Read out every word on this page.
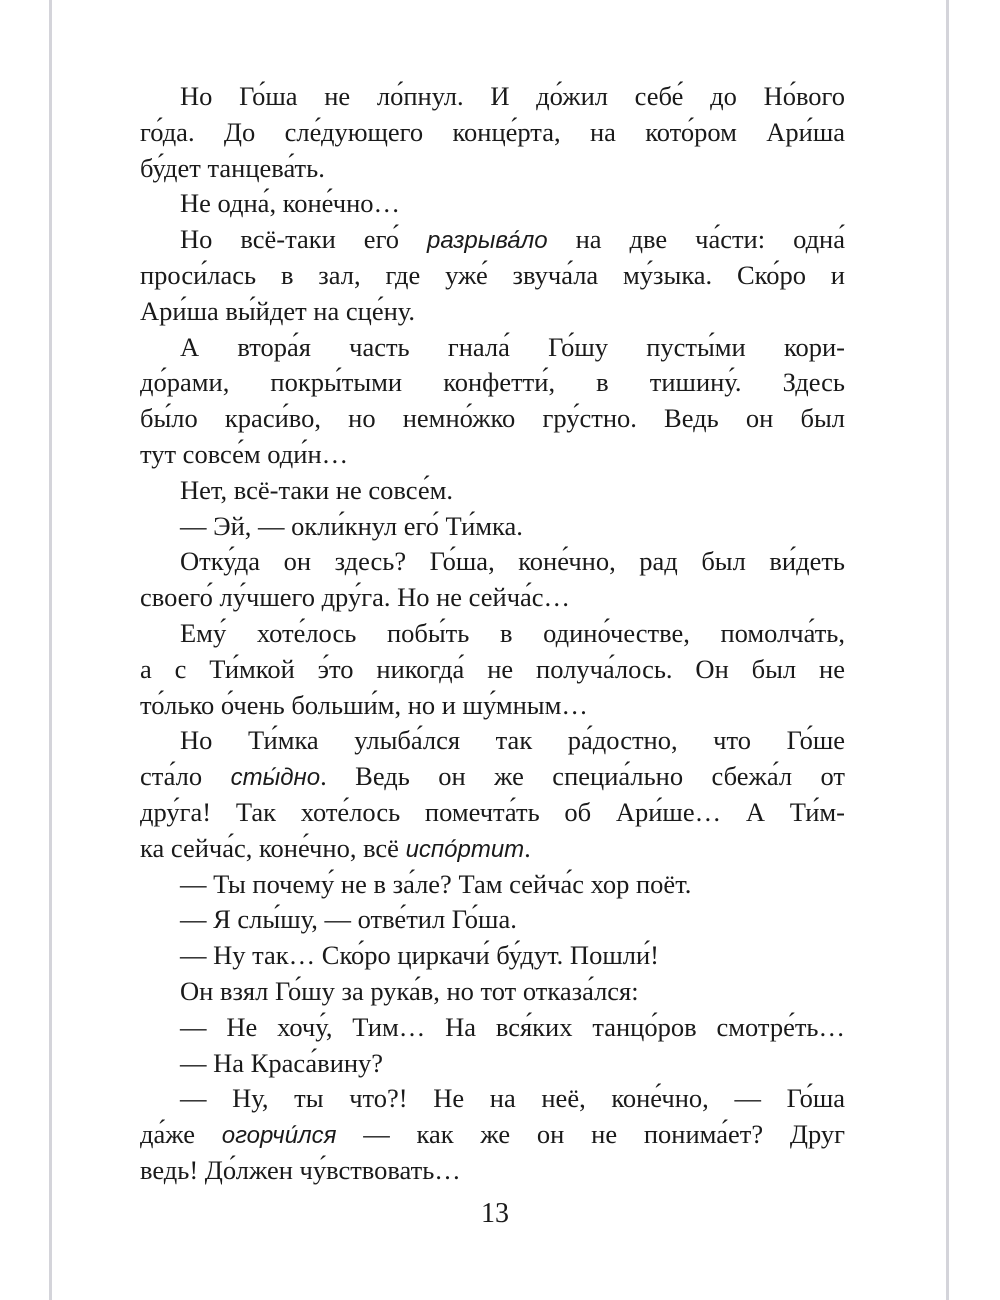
Но Го́ша не ло́пнул. И до́жил себе́ до Но́вого
го́да. До сле́дующего конце́рта, на кото́ром Ари́ша
бу́дет танцева́ть.
Не одна́, коне́чно…
Но всё-таки его́ разрыва́ло на две ча́сти: одна́
проси́лась в зал, где уже́ звуча́ла му́зыка. Ско́ро и
Ари́ша вы́йдет на сце́ну.
А втора́я часть гнала́ Го́шу пусты́ми кори-
до́рами, покры́тыми конфетти́, в тишину́. Здесь
бы́ло краси́во, но немно́жко гру́стно. Ведь он был
тут совсе́м оди́н…
Нет, всё-таки не совсе́м.
— Эй, — окли́кнул его́ Ти́мка.
Отку́да он здесь? Го́ша, коне́чно, рад был ви́деть
своего́ лу́чшего дру́га. Но не сейча́с…
Ему́ хоте́лось побы́ть в одино́честве, помолча́ть,
а с Ти́мкой э́то никогда́ не получа́лось. Он был не
то́лько о́чень больши́м, но и шу́мным…
Но Ти́мка улыба́лся так ра́достно, что Го́ше
ста́ло сты́дно. Ведь он же специа́льно сбежа́л от
дру́га! Так хоте́лось помечта́ть об Ари́ше… А Ти́м-
ка сейча́с, коне́чно, всё испо́ртит.
— Ты почему́ не в за́ле? Там сейча́с хор поёт.
— Я слы́шу, — отве́тил Го́ша.
— Ну так… Ско́ро циркачи́ бу́дут. Пошли́!
Он взял Го́шу за рука́в, но тот отказа́лся:
— Не хочу́, Тим… На вся́ких танцо́ров смотре́ть…
— На Краса́вину?
— Ну, ты что?! Не на неё, коне́чно, — Го́ша
да́же огорчи́лся — как же он не понима́ет? Друг
ведь! До́лжен чу́вствовать…
13
